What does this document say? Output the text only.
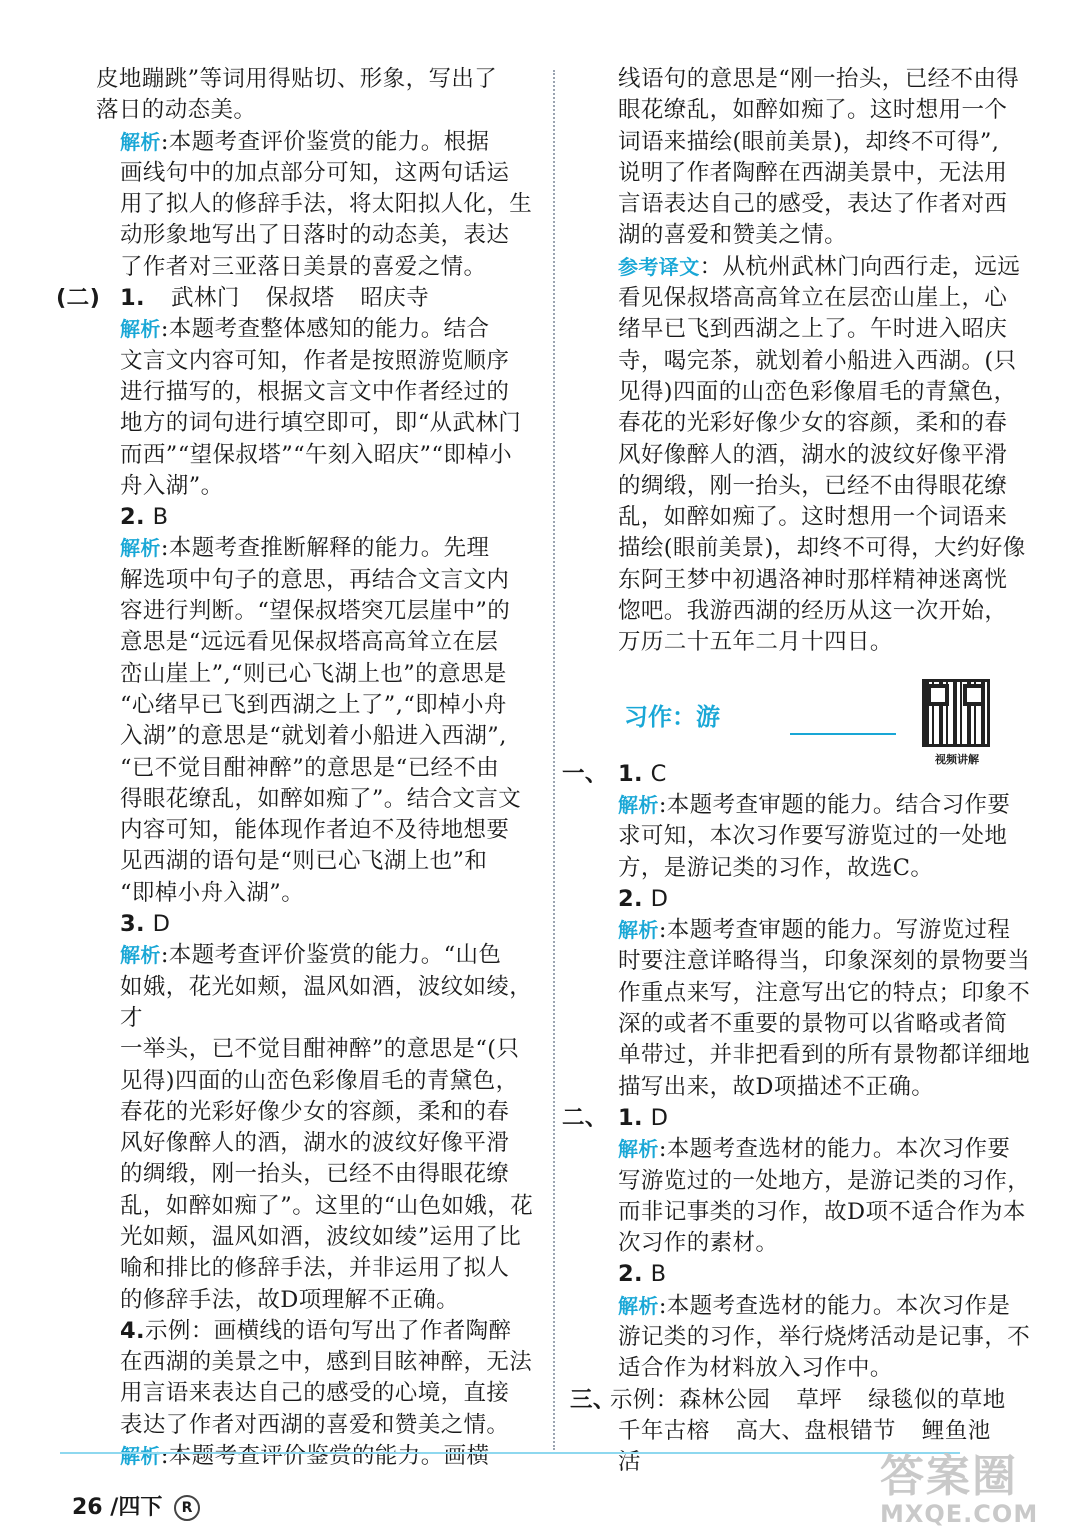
皮地蹦跳”等词用得贴切、形象，写出了

落日的动态美。

解析:本题考查评价鉴赏的能力。根据

画线句中的加点部分可知，这两句话运

用了拟人的修辞手法，将太阳拟人化，生

动形象地写出了日落时的动态美，表达

了作者对三亚落日美景的喜爱之情。

(二) 1. 武林门 保叔塔 昭庆寺

解析:本题考查整体感知的能力。结合

文言文内容可知，作者是按照游览顺序

进行描写的，根据文言文中作者经过的

地方的词句进行填空即可，即“从武林门

而西”“望保叔塔”“午刻入昭庆”“即棹小

舟入湖”。

2. B

解析:本题考查推断解释的能力。先理

解选项中句子的意思，再结合文言文内

容进行判断。“望保叔塔突兀层崖中”的

意思是“远远看见保叔塔高高耸立在层

峦山崖上”,“则已心飞湖上也”的意思是

“心绪早已飞到西湖之上了”,“即棹小舟

入湖”的意思是“就划着小船进入西湖”,

“已不觉目酣神醉”的意思是“已经不由

得眼花缭乱，如醉如痴了”。结合文言文

内容可知，能体现作者迫不及待地想要

见西湖的语句是“则已心飞湖上也”和

“即棹小舟入湖”。

3. D

解析:本题考查评价鉴赏的能力。“山色

如娥，花光如颊，温风如酒，波纹如绫，才

一举头，已不觉目酣神醉”的意思是“(只

见得)四面的山峦色彩像眉毛的青黛色，

春花的光彩好像少女的容颜，柔和的春

风好像醉人的酒，湖水的波纹好像平滑

的绸缎，刚一抬头，已经不由得眼花缭

乱，如醉如痴了”。这里的“山色如娥，花

光如颊，温风如酒，波纹如绫”运用了比

喻和排比的修辞手法，并非运用了拟人

的修辞手法，故D项理解不正确。

4.示例：画横线的语句写出了作者陶醉

在西湖的美景之中，感到目眩神醉，无法

用言语来表达自己的感受的心境，直接

表达了作者对西湖的喜爱和赞美之情。

解析:本题考查评价鉴赏的能力。画横

线语句的意思是“刚一抬头，已经不由得

眼花缭乱，如醉如痴了。这时想用一个

词语来描绘(眼前美景)，却终不可得”,

说明了作者陶醉在西湖美景中，无法用

言语表达自己的感受，表达了作者对西

湖的喜爱和赞美之情。

参考译文：从杭州武林门向西行走，远远

看见保叔塔高高耸立在层峦山崖上，心

绪早已飞到西湖之上了。午时进入昭庆

寺，喝完茶，就划着小船进入西湖。(只

见得)四面的山峦色彩像眉毛的青黛色，

春花的光彩好像少女的容颜，柔和的春

风好像醉人的酒，湖水的波纹好像平滑

的绸缎，刚一抬头，已经不由得眼花缭

乱，如醉如痴了。这时想用一个词语来

描绘(眼前美景)，却终不可得，大约好像

东阿王梦中初遇洛神时那样精神迷离恍

惚吧。我游西湖的经历从这一次开始，

万历二十五年二月十四日。

习作：游
视频讲解

一、 1. C

解析:本题考查审题的能力。结合习作要

求可知，本次习作要写游览过的一处地

方，是游记类的习作，故选C。

2. D

解析:本题考查审题的能力。写游览过程

时要注意详略得当，印象深刻的景物要当

作重点来写，注意写出它的特点；印象不

深的或者不重要的景物可以省略或者简

单带过，并非把看到的所有景物都详细地

描写出来，故D项描述不正确。

二、 1. D

解析:本题考查选材的能力。本次习作要

写游览过的一处地方，是游记类的习作，

而非记事类的习作，故D项不适合作为本

次习作的素材。

2. B

解析:本题考查选材的能力。本次习作是

游记类的习作，举行烧烤活动是记事，不

适合作为材料放入习作中。

三、
示例：森林公园 草坪 绿毯似的草地

千年古榕 高大、盘根错节 鲤鱼池活

26 /四下 R
答案圈
MXQE.COM
